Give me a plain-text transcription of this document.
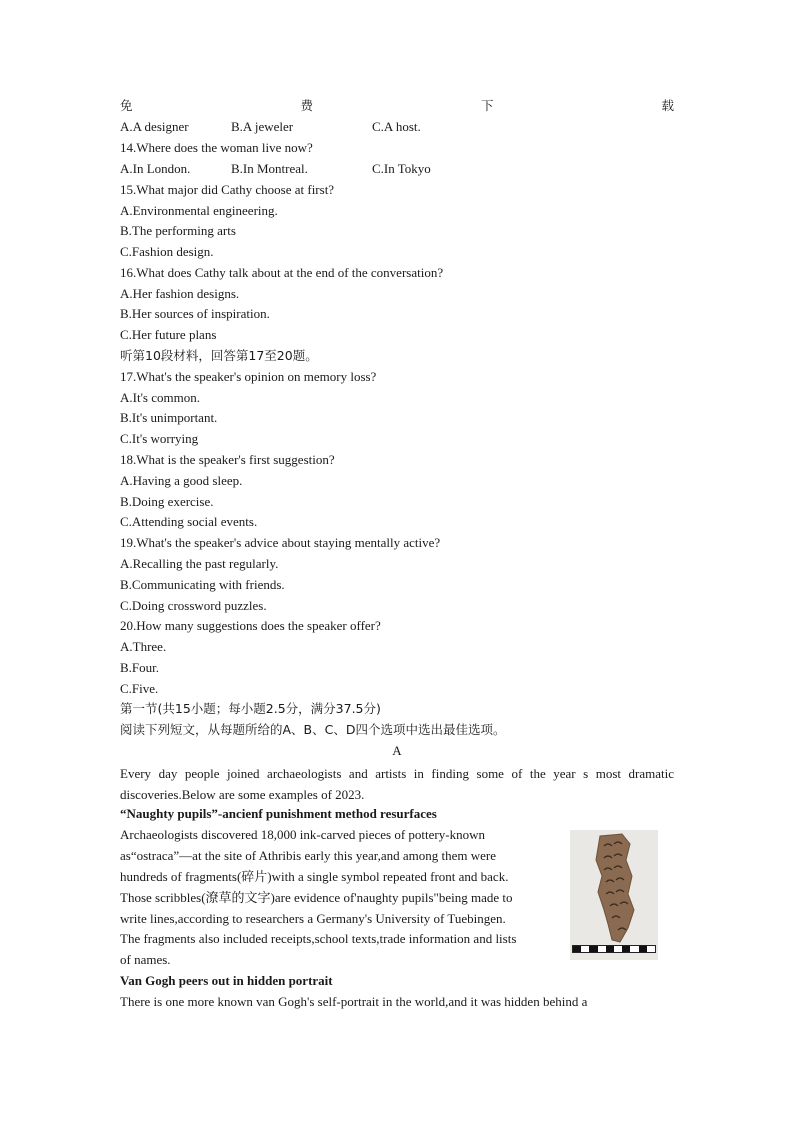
免	费	下	载
A.A designer	B.A jeweler	C.A host.
14.Where does the woman live now?
A.In London.	B.In Montreal.	C.In Tokyo
15.What major did Cathy choose at first?
A.Environmental engineering.
B.The performing arts
C.Fashion design.
16.What does Cathy talk about at the end of the conversation?
A.Her fashion designs.
B.Her sources of inspiration.
C.Her future plans
听第10段材料，回答第17至20题。
17.What's the speaker's opinion on memory loss?
A.It's common.
B.It's unimportant.
C.It's worrying
18.What is the speaker's first suggestion?
A.Having a good sleep.
B.Doing exercise.
C.Attending social events.
19.What's the speaker's advice about staying mentally active?
A.Recalling the past regularly.
B.Communicating with friends.
C.Doing crossword puzzles.
20.How many suggestions does the speaker offer?
A.Three.
B.Four.
C.Five.
第一节(共15小题；每小题2.5分，满分37.5分)
阅读下列短文，从每题所给的A、B、C、D四个选项中选出最佳选项。
A
Every day people joined archaeologists and artists in finding some of the year s most dramatic discoveries.Below are some examples of 2023.
“Naughty pupils”-ancienf punishment method resurfaces
Archaeologists discovered 18,000 ink-carved pieces of pottery-known
as“ostraca”—at the site of Athribis early this year,and among them were
hundreds of fragments(碎片)with a single symbol repeated front and back.
Those scribbles(潦草的文字)are evidence of'naughty pupils"being made to
write lines,according to researchers a Germany's University of Tuebingen.
The fragments also included receipts,school texts,trade information and lists
of names.
Van Gogh peers out in hidden portrait
There is one more known van Gogh's self-portrait in the world,and it was hidden behind a
